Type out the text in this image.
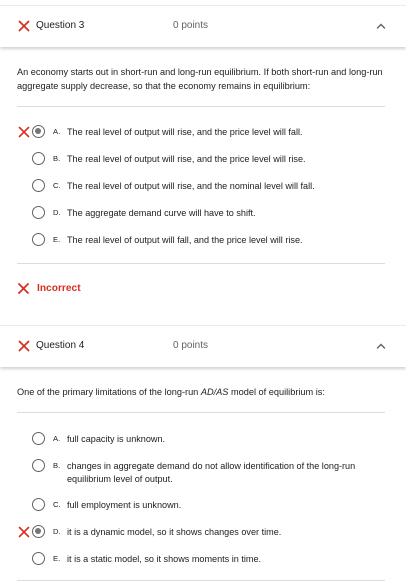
Question 3	0 points
An economy starts out in short-run and long-run equilibrium. If both short-run and long-run aggregate supply decrease, so that the economy remains in equilibrium:
A. The real level of output will rise, and the price level will fall.
B. The real level of output will rise, and the price level will rise.
C. The real level of output will rise, and the nominal level will fall.
D. The aggregate demand curve will have to shift.
E. The real level of output will fall, and the price level will rise.
Incorrect
Question 4	0 points
One of the primary limitations of the long-run AD/AS model of equilibrium is:
A. full capacity is unknown.
B. changes in aggregate demand do not allow identification of the long-run equilibrium level of output.
C. full employment is unknown.
D. it is a dynamic model, so it shows changes over time.
E. it is a static model, so it shows moments in time.
